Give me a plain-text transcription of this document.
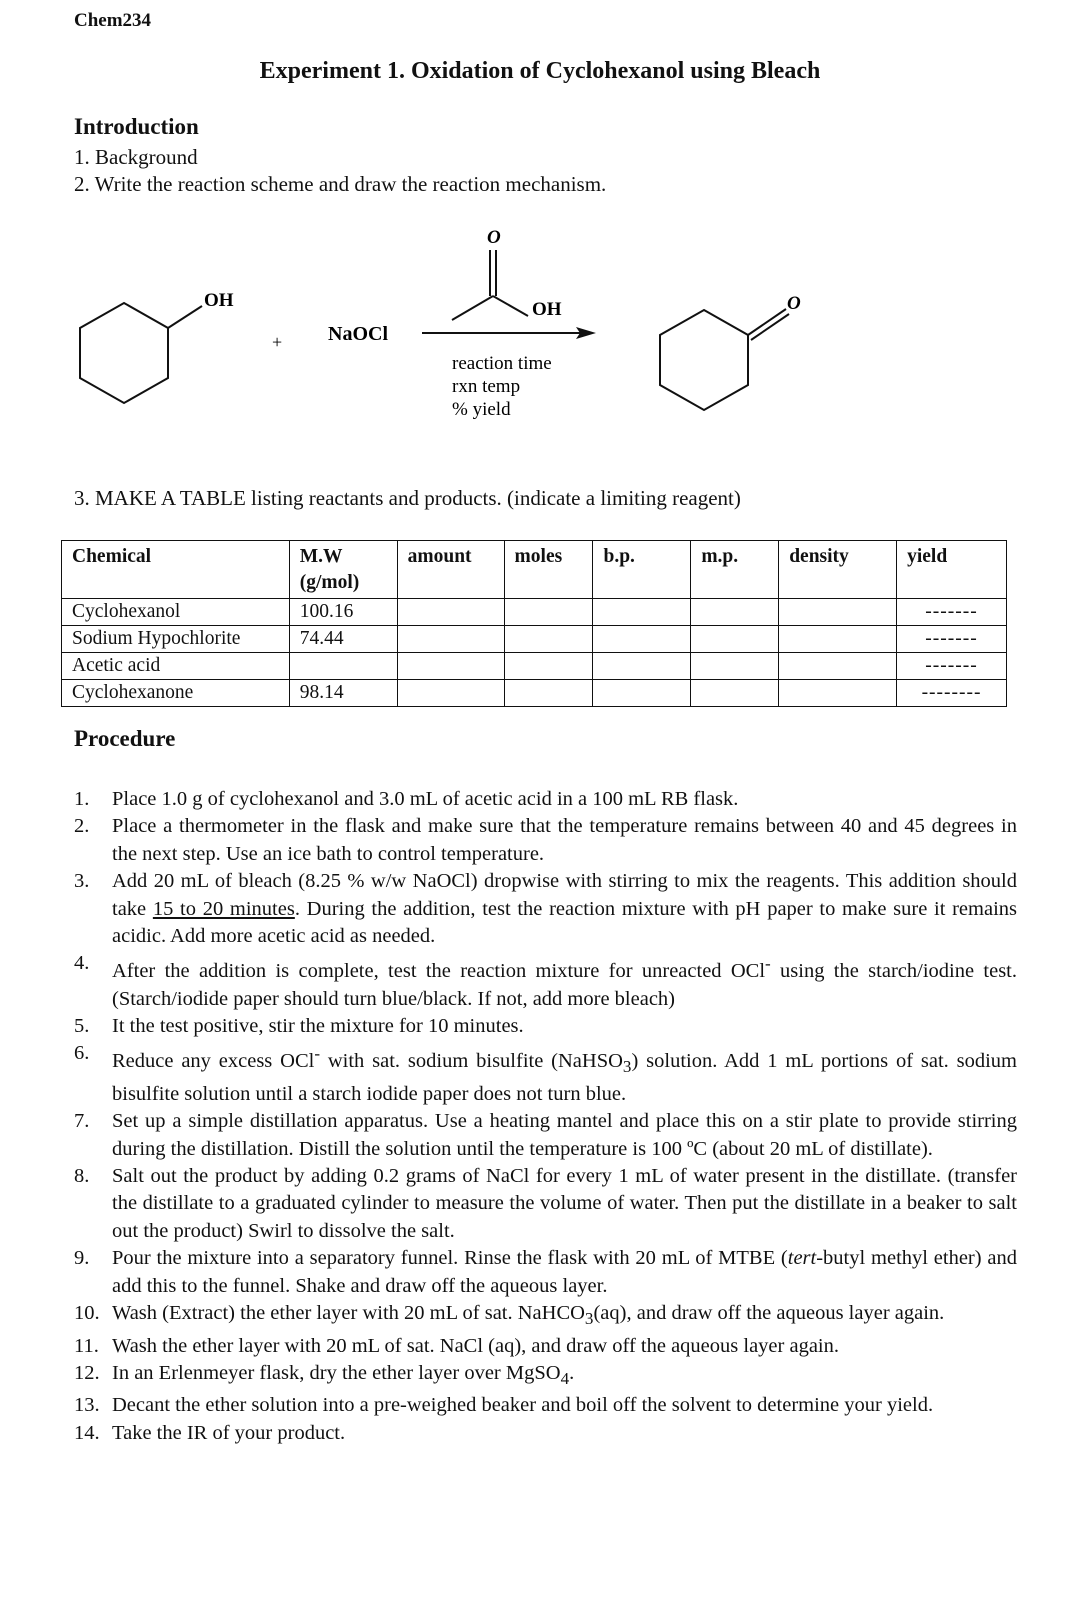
Chem234
Experiment 1. Oxidation of Cyclohexanol using Bleach
Introduction
1. Background
2. Write the reaction scheme and draw the reaction mechanism.
OH
+ NaOCl
O
OH
reaction time
rxn temp
% yield
O
3. MAKE A TABLE listing reactants and products. (indicate a limiting reagent)
Chemical	M.W (g/mol)	amount	moles	b.p.	m.p.	density	yield
Cyclohexanol	100.16						-------
Sodium Hypochlorite	74.44						-------
Acetic acid							-------
Cyclohexanone	98.14						--------
Procedure
1.	Place 1.0 g of cyclohexanol and 3.0 mL of acetic acid in a 100 mL RB flask.
2.	Place a thermometer in the flask and make sure that the temperature remains between 40 and 45 degrees in the next step. Use an ice bath to control temperature.
3.	Add 20 mL of bleach (8.25 % w/w NaOCl) dropwise with stirring to mix the reagents. This addition should take 15 to 20 minutes. During the addition, test the reaction mixture with pH paper to make sure it remains acidic. Add more acetic acid as needed.
4.	After the addition is complete, test the reaction mixture for unreacted OCl- using the starch/iodine test. (Starch/iodide paper should turn blue/black. If not, add more bleach)
5.	It the test positive, stir the mixture for 10 minutes.
6.	Reduce any excess OCl- with sat. sodium bisulfite (NaHSO$_3$) solution. Add 1 mL portions of sat. sodium bisulfite solution until a starch iodide paper does not turn blue.
7.	Set up a simple distillation apparatus. Use a heating mantel and place this on a stir plate to provide stirring during the distillation. Distill the solution until the temperature is 100 ºC (about 20 mL of distillate).
8.	Salt out the product by adding 0.2 grams of NaCl for every 1 mL of water present in the distillate. (transfer the distillate to a graduated cylinder to measure the volume of water. Then put the distillate in a beaker to salt out the product) Swirl to dissolve the salt.
9.	Pour the mixture into a separatory funnel. Rinse the flask with 20 mL of MTBE (tert-butyl methyl ether) and add this to the funnel. Shake and draw off the aqueous layer.
10. Wash (Extract) the ether layer with 20 mL of sat. NaHCO$_3$(aq), and draw off the aqueous layer again.
11. Wash the ether layer with 20 mL of sat. NaCl (aq), and draw off the aqueous layer again.
12. In an Erlenmeyer flask, dry the ether layer over MgSO$_4$.
13. Decant the ether solution into a pre-weighed beaker and boil off the solvent to determine your yield.
14. Take the IR of your product.
